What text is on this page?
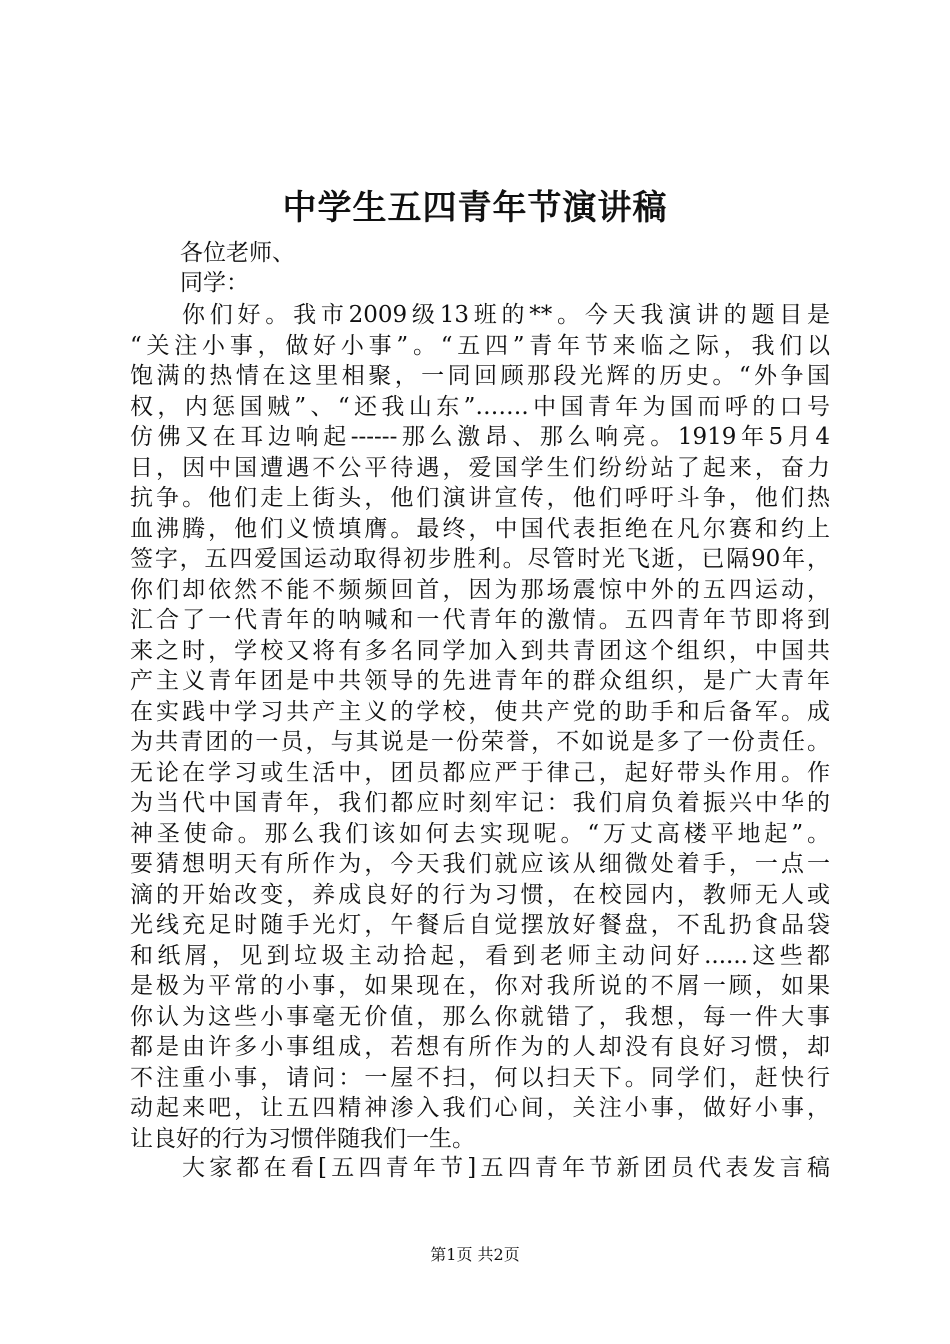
中学生五四青年节演讲稿

各位老师、

同学：

你们好。我市2009级13班的**。今天我演讲的题目是
“关注小事，做好小事”。“五四”青年节来临之际，我们以
饱满的热情在这里相聚，一同回顾那段光辉的历史。“外争国
权，内惩国贼”、“还我山东”…….中国青年为国而呼的口号
仿佛又在耳边响起------那么激昂、那么响亮。1919年5月4
日，因中国遭遇不公平待遇，爱国学生们纷纷站了起来，奋力
抗争。他们走上街头，他们演讲宣传，他们呼吁斗争，他们热
血沸腾，他们义愤填膺。最终，中国代表拒绝在凡尔赛和约上
签字，五四爱国运动取得初步胜利。尽管时光飞逝，已隔90年，
你们却依然不能不频频回首，因为那场震惊中外的五四运动，
汇合了一代青年的呐喊和一代青年的激情。五四青年节即将到
来之时，学校又将有多名同学加入到共青团这个组织，中国共
产主义青年团是中共领导的先进青年的群众组织，是广大青年
在实践中学习共产主义的学校，使共产党的助手和后备军。成
为共青团的一员，与其说是一份荣誉，不如说是多了一份责任。
无论在学习或生活中，团员都应严于律己，起好带头作用。作
为当代中国青年，我们都应时刻牢记：我们肩负着振兴中华的
神圣使命。那么我们该如何去实现呢。“万丈高楼平地起”。
要猜想明天有所作为，今天我们就应该从细微处着手，一点一
滴的开始改变，养成良好的行为习惯，在校园内，教师无人或
光线充足时随手光灯，午餐后自觉摆放好餐盘，不乱扔食品袋
和纸屑，见到垃圾主动拾起，看到老师主动问好......这些都
是极为平常的小事，如果现在，你对我所说的不屑一顾，如果
你认为这些小事毫无价值，那么你就错了，我想，每一件大事
都是由许多小事组成，若想有所作为的人却没有良好习惯，却
不注重小事，请问：一屋不扫，何以扫天下。同学们，赶快行
动起来吧，让五四精神渗入我们心间，关注小事，做好小事，
让良好的行为习惯伴随我们一生。

大家都在看[五四青年节]五四青年节新团员代表发言稿

第1页 共2页
